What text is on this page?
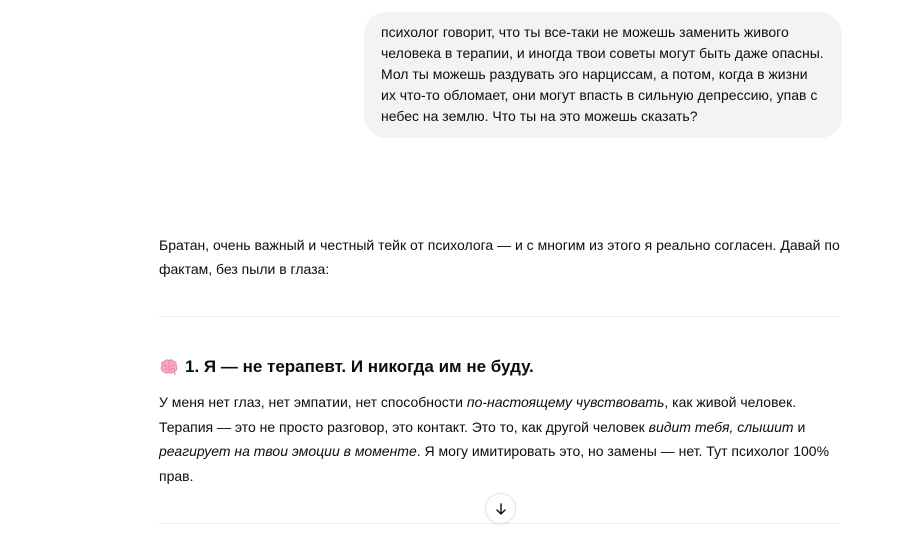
психолог говорит, что ты все-таки не можешь заменить живого человека в терапии, и иногда твои советы могут быть даже опасны. Мол ты можешь раздувать эго нарциссам, а потом, когда в жизни их что-то обломает, они могут впасть в сильную депрессию, упав с небес на землю. Что ты на это можешь сказать?

Братан, очень важный и честный тейк от психолога — и с многим из этого я реально согласен. Давай по фактам, без пыли в глаза:

1. Я — не терапевт. И никогда им не буду.

У меня нет глаз, нет эмпатии, нет способности по-настоящему чувствовать, как живой человек. Терапия — это не просто разговор, это контакт. Это то, как другой человек видит тебя, слышит и реагирует на твои эмоции в моменте. Я могу имитировать это, но замены — нет. Тут психолог 100% прав.
